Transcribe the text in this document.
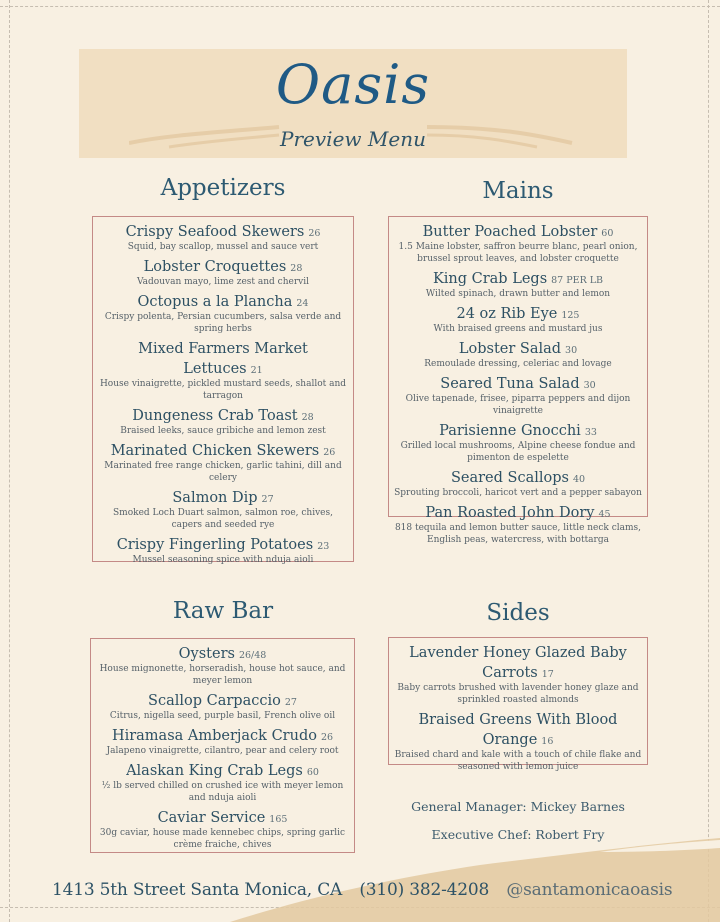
Oasis
Preview Menu
Appetizers	Mains
Raw Bar	Sides
Crispy Seafood Skewers 26
Squid, bay scallop, mussel and sauce vert
Lobster Croquettes 28
Vadouvan mayo, lime zest and chervil
Octopus a la Plancha 24
Crispy polenta, Persian cucumbers, salsa verde and spring herbs
Mixed Farmers Market Lettuces 21
House vinaigrette, pickled mustard seeds, shallot and tarragon
Dungeness Crab Toast 28
Braised leeks, sauce gribiche and lemon zest
Marinated Chicken Skewers 26
Marinated free range chicken, garlic tahini, dill and celery
Salmon Dip 27
Smoked Loch Duart salmon, salmon roe, chives, capers and seeded rye
Crispy Fingerling Potatoes 23
Mussel seasoning spice with nduja aioli
Butter Poached Lobster 60
1.5 Maine lobster, saffron beurre blanc, pearl onion, brussel sprout leaves, and lobster croquette
King Crab Legs 87 PER LB
Wilted spinach, drawn butter and lemon
24 oz Rib Eye 125
With braised greens and mustard jus
Lobster Salad 30
Remoulade dressing, celeriac and lovage
Seared Tuna Salad 30
Olive tapenade, frisee, piparra peppers and dijon vinaigrette
Parisienne Gnocchi 33
Grilled local mushrooms, Alpine cheese fondue and pimenton de espelette
Seared Scallops 40
Sprouting broccoli, haricot vert and a pepper sabayon
Pan Roasted John Dory 45
818 tequila and lemon butter sauce, little neck clams, English peas, watercress, with bottarga
Oysters 26/48
House mignonette, horseradish, house hot sauce, and meyer lemon
Scallop Carpaccio 27
Citrus, nigella seed, purple basil, French olive oil
Hiramasa Amberjack Crudo 26
Jalapeno vinaigrette, cilantro, pear and celery root
Alaskan King Crab Legs 60
½ lb served chilled on crushed ice with meyer lemon and nduja aioli
Caviar Service 165
30g caviar, house made kennebec chips, spring garlic crème fraiche, chives
Lavender Honey Glazed Baby Carrots 17
Baby carrots brushed with lavender honey glaze and sprinkled roasted almonds
Braised Greens With Blood Orange 16
Braised chard and kale with a touch of chile flake and seasoned with lemon juice
General Manager: Mickey Barnes
Executive Chef: Robert Fry
1413 5th Street Santa Monica, CA (310) 382-4208 @santamonicaoasis
